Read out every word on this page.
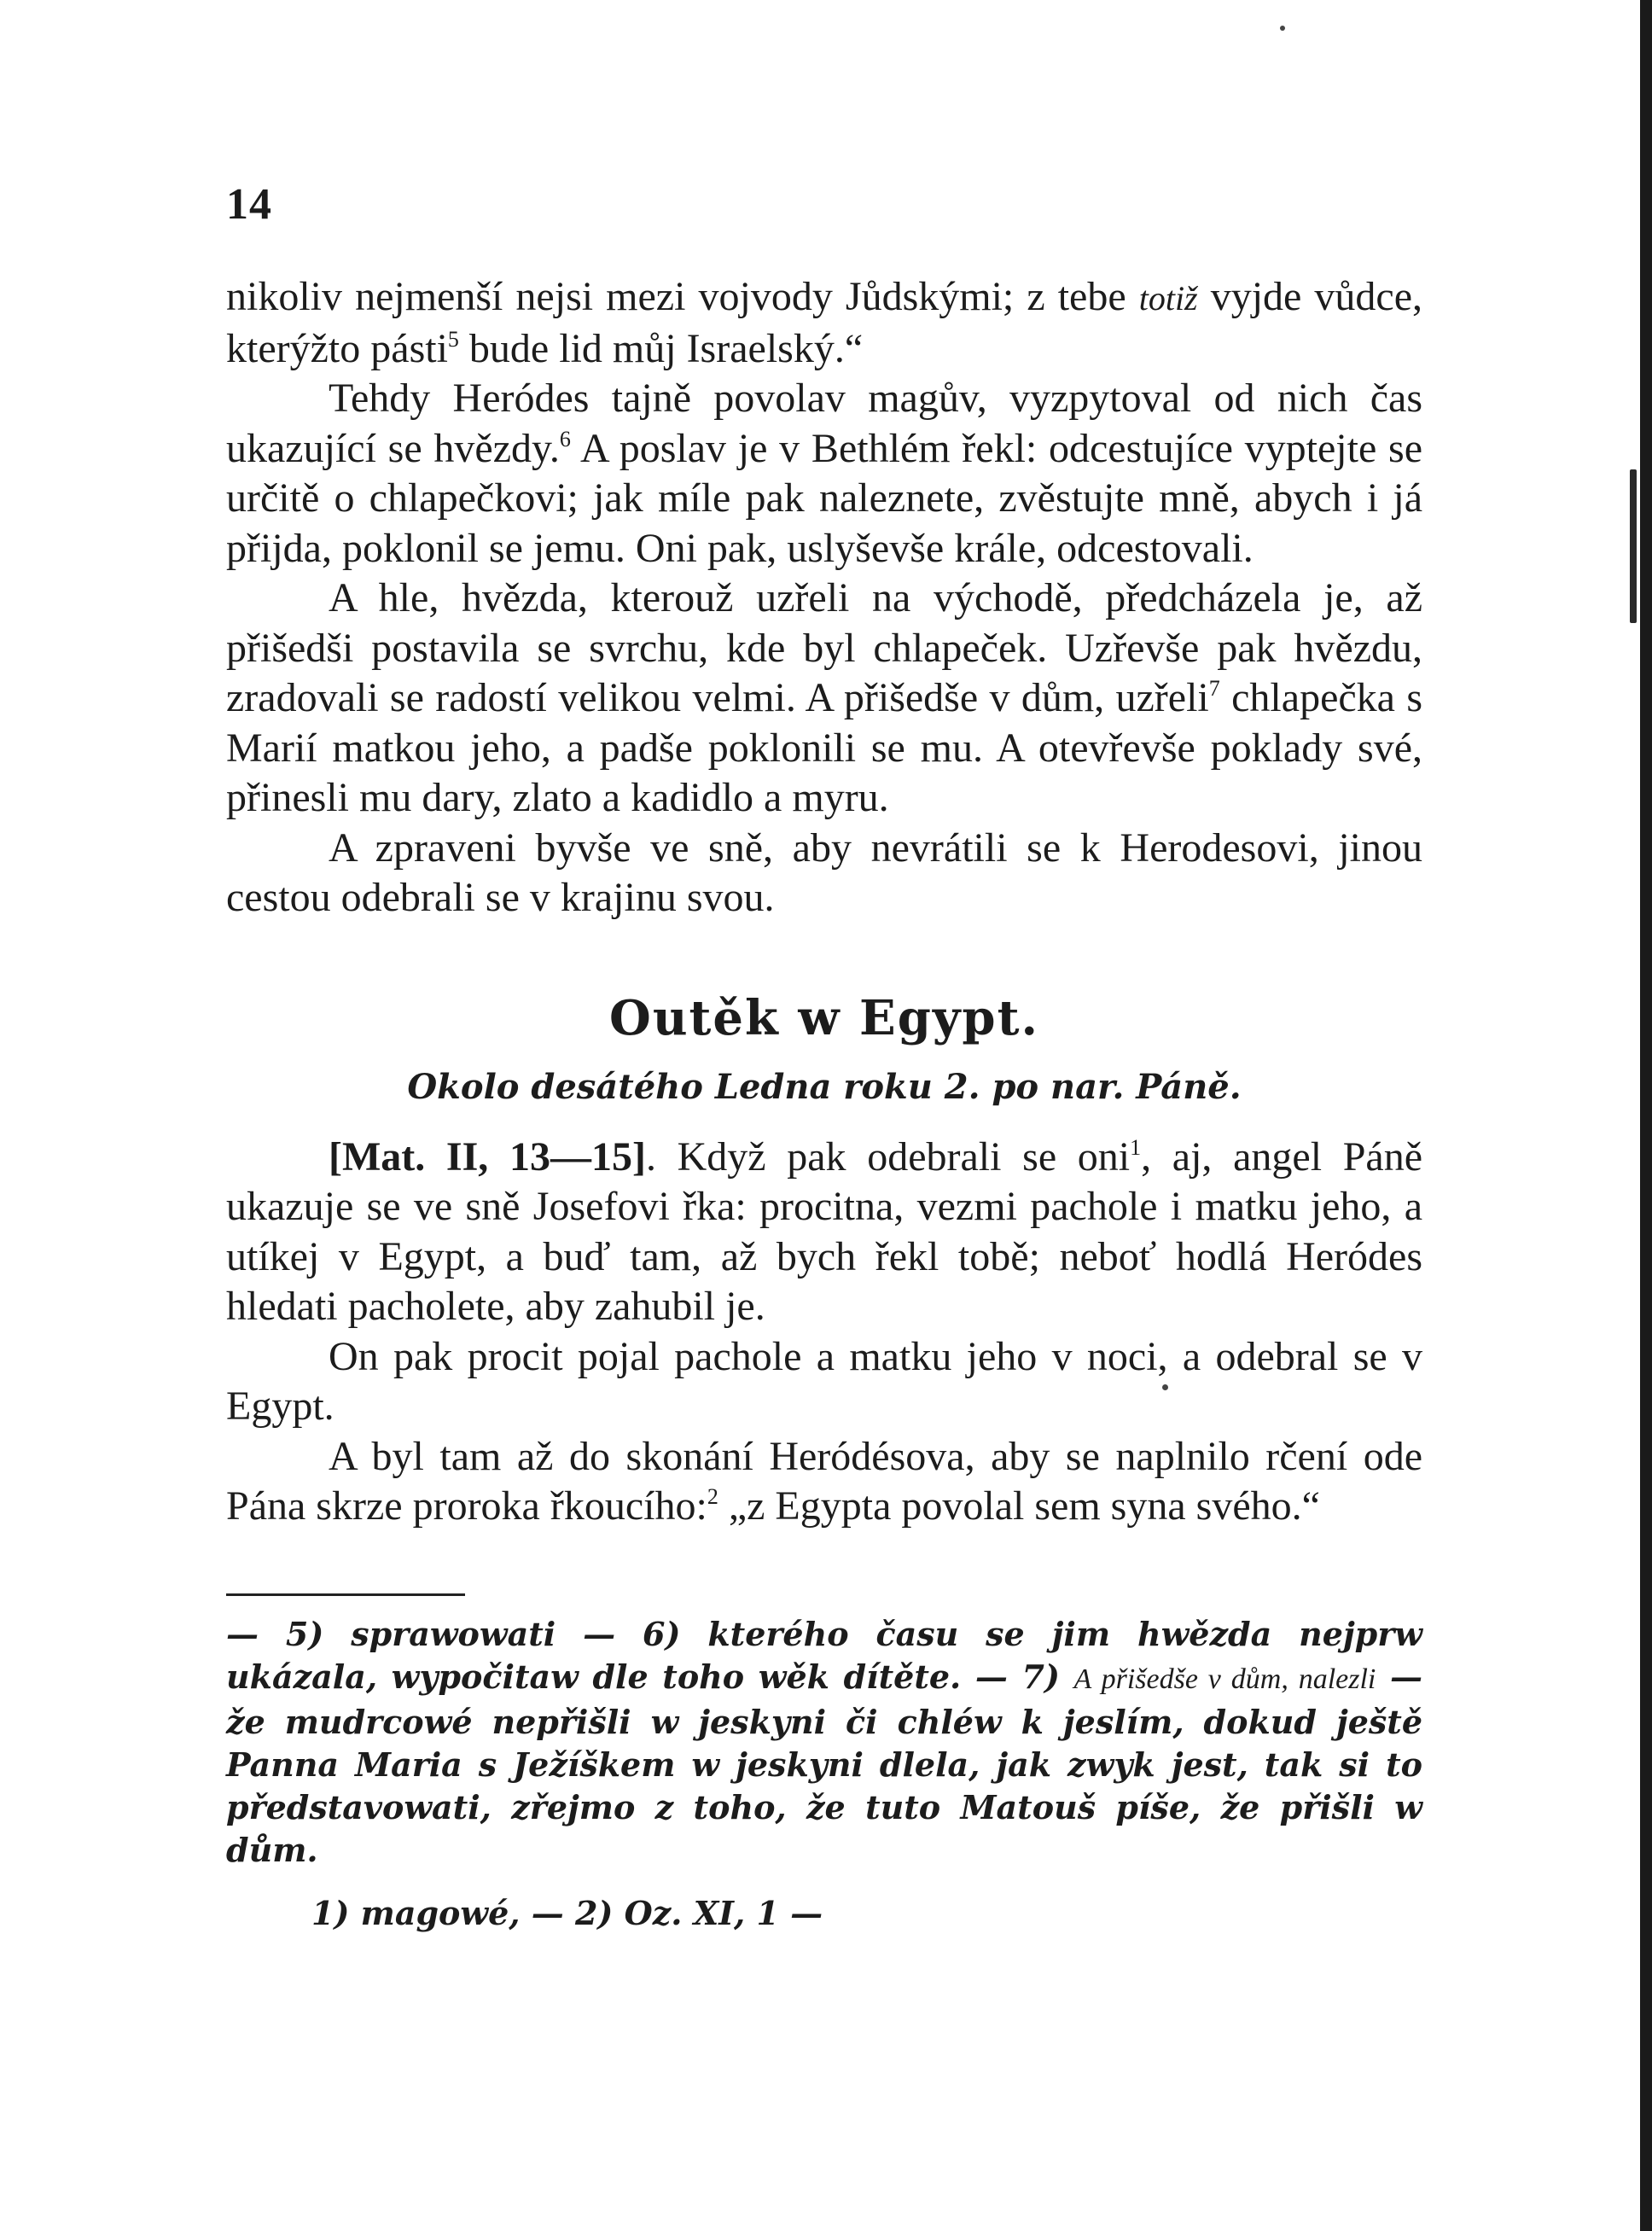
14

nikoliv nejmenší nejsi mezi vojvody Jůdskými; z tebe totiž vyjde vůdce, kterýžto pásti$^5$ bude lid můj Israelský.“

Tehdy Heródes tajně povolav magův, vyzpytoval od nich čas ukazující se hvězdy.$^6$ A poslav je v Bethlém řekl: odcestujíce vyptejte se určitě o chlapečkovi; jak míle pak naleznete, zvěstujte mně, abych i já přijda, poklonil se jemu. Oni pak, uslyševše krále, odcestovali.

A hle, hvězda, kterouž uzřeli na východě, předcházela je, až přišedši postavila se svrchu, kde byl chlapeček. Uzřevše pak hvězdu, zradovali se radostí velikou velmi. A přišedše v dům, uzřeli$^7$ chlapečka s Marií matkou jeho, a padše poklonili se mu. A otevřevše poklady své, přinesli mu dary, zlato a kadidlo a myru.

A zpraveni byvše ve sně, aby nevrátili se k Herodesovi, jinou cestou odebrali se v krajinu svou.

Outěk w Egypt.
Okolo desátého Ledna roku 2. po nar. Páně.

[Mat. II, 13—15]. Když pak odebrali se oni$^1$, aj, angel Páně ukazuje se ve sně Josefovi řka: procitna, vezmi pachole i matku jeho, a utíkej v Egypt, a buď tam, až bych řekl tobě; neboť hodlá Heródes hledati pacholete, aby zahubil je.

On pak procit pojal pachole a matku jeho v noci, a odebral se v Egypt.

A byl tam až do skonání Heródésova, aby se naplnilo rčení ode Pána skrze proroka řkoucího:$^2$ „z Egypta povolal sem syna svého.“

— 5) sprawowati — 6) kterého času se jim hwězda nejprw ukázala, wypočitaw dle toho wěk dítěte. — 7) A přišedše v dům, nalezli — že mudrcowé nepřišli w jeskyni či chléw k jeslím, dokud ještě Panna Maria s Ježíškem w jeskyni dlela, jak zwyk jest, tak si to představowati, zřejmo z toho, že tuto Matouš píše, že přišli w dům.

1) magowé, — 2) Oz. XI, 1 —
